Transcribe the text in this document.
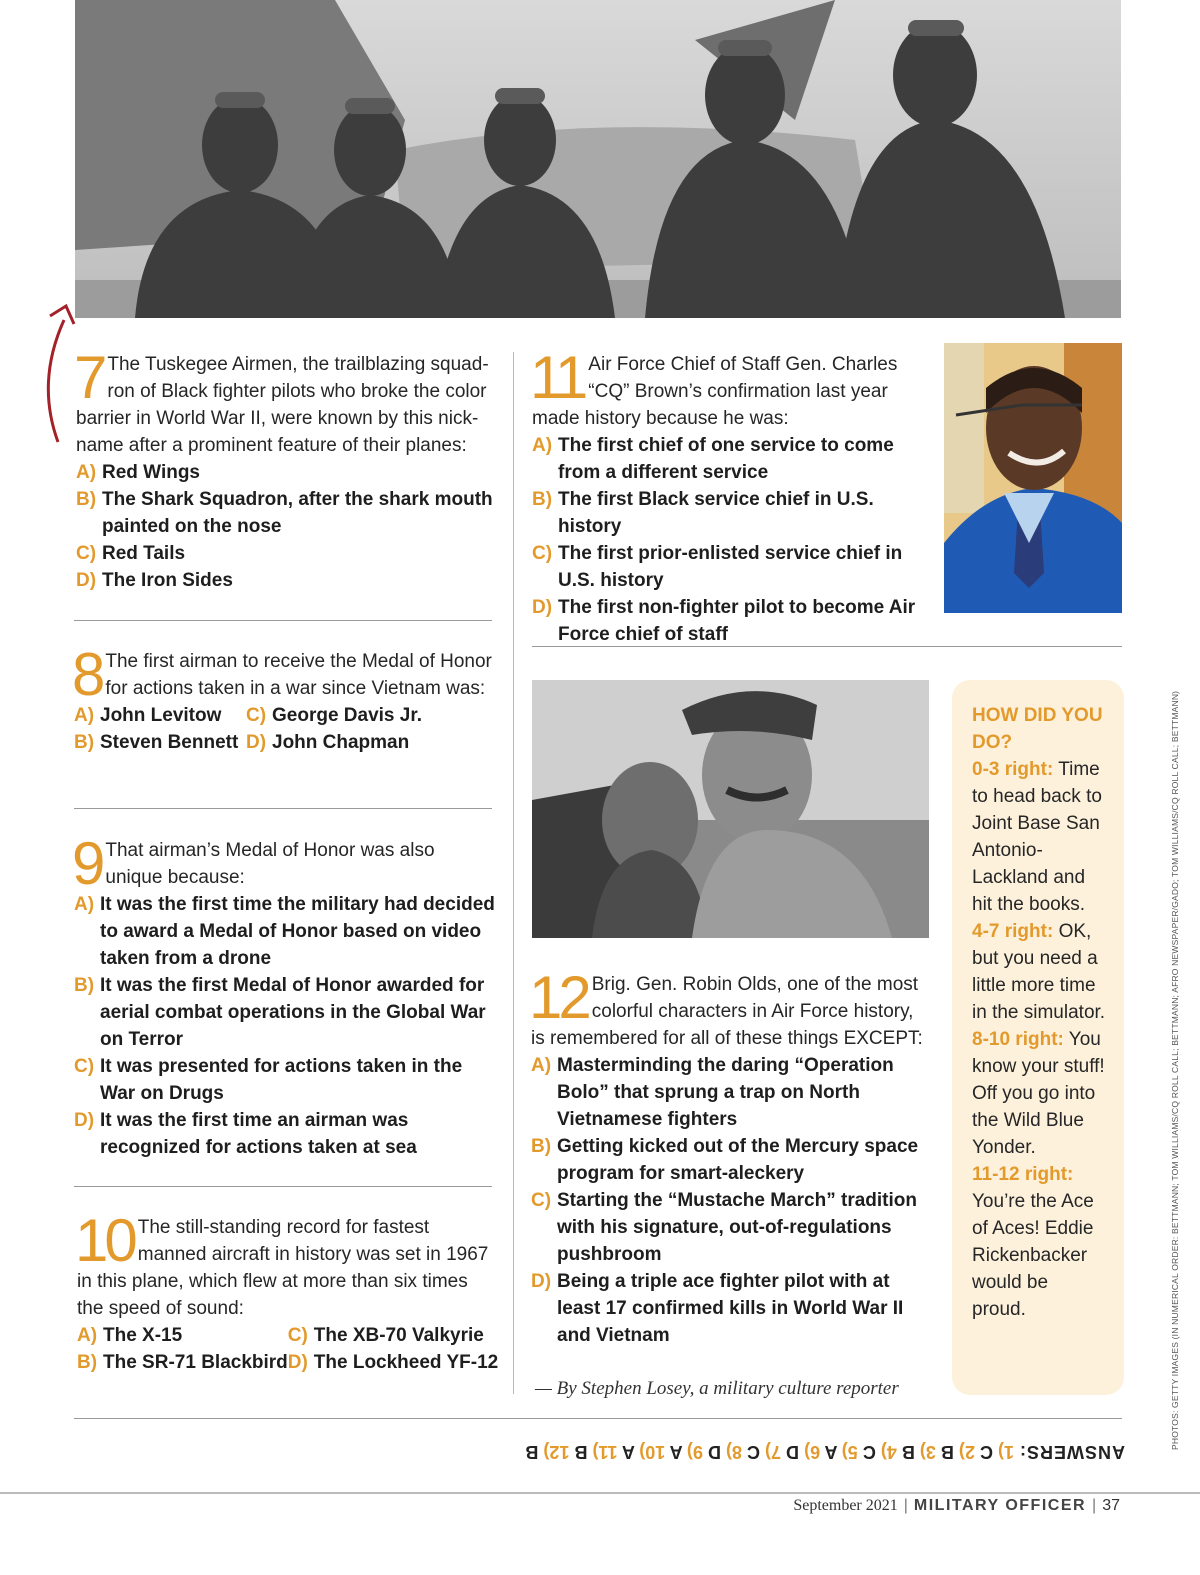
7 The Tuskegee Airmen, the trailblazing squad-ron of Black fighter pilots who broke the color barrier in World War II, were known by this nick-name after a prominent feature of their planes:
A) Red Wings
B) The Shark Squadron, after the shark mouth painted on the nose
C) Red Tails
D) The Iron Sides
8 The first airman to receive the Medal of Honor for actions taken in a war since Vietnam was:
A) John Levitow
B) Steven Bennett
C) George Davis Jr.
D) John Chapman
9 That airman’s Medal of Honor was also unique because:
A) It was the first time the military had decided to award a Medal of Honor based on video taken from a drone
B) It was the first Medal of Honor awarded for aerial combat operations in the Global War on Terror
C) It was presented for actions taken in the War on Drugs
D) It was the first time an airman was recognized for actions taken at sea
10 The still-standing record for fastest manned aircraft in history was set in 1967 in this plane, which flew at more than six times the speed of sound:
A) The X-15
B) The SR-71 Blackbird
C) The XB-70 Valkyrie
D) The Lockheed YF-12
11 Air Force Chief of Staff Gen. Charles “CQ” Brown’s confirmation last year made history because he was:
A) The first chief of one service to come from a different service
B) The first Black service chief in U.S. history
C) The first prior-enlisted service chief in U.S. history
D) The first non-fighter pilot to become Air Force chief of staff
12 Brig. Gen. Robin Olds, one of the most colorful characters in Air Force history, is remembered for all of these things EXCEPT:
A) Masterminding the daring “Operation Bolo” that sprung a trap on North Vietnamese fighters
B) Getting kicked out of the Mercury space program for smart-aleckery
C) Starting the “Mustache March” tradition with his signature, out-of-regulations pushbroom
D) Being a triple ace fighter pilot with at least 17 confirmed kills in World War II and Vietnam
— By Stephen Losey, a military culture reporter
HOW DID YOU DO?
0-3 right: Time to head back to Joint Base San Antonio-Lackland and hit the books.
4-7 right: OK, but you need a little more time in the simulator.
8-10 right: You know your stuff! Off you go into the Wild Blue Yonder.
11-12 right: You’re the Ace of Aces! Eddie Rickenbacker would be proud.
ANSWERS: 1) C 2) B 3) B 4) C 5) A 6) D 7) C 8) D 9) A 10) A 11) B 12) B
PHOTOS: GETTY IMAGES (IN NUMERICAL ORDER: BETTMANN; TOM WILLIAMS/CQ ROLL CALL; BETTMANN; AFRO NEWSPAPER/GADO; TOM WILLIAMS/CQ ROLL CALL; BETTMANN)
September 2021 | MILITARY OFFICER | 37
